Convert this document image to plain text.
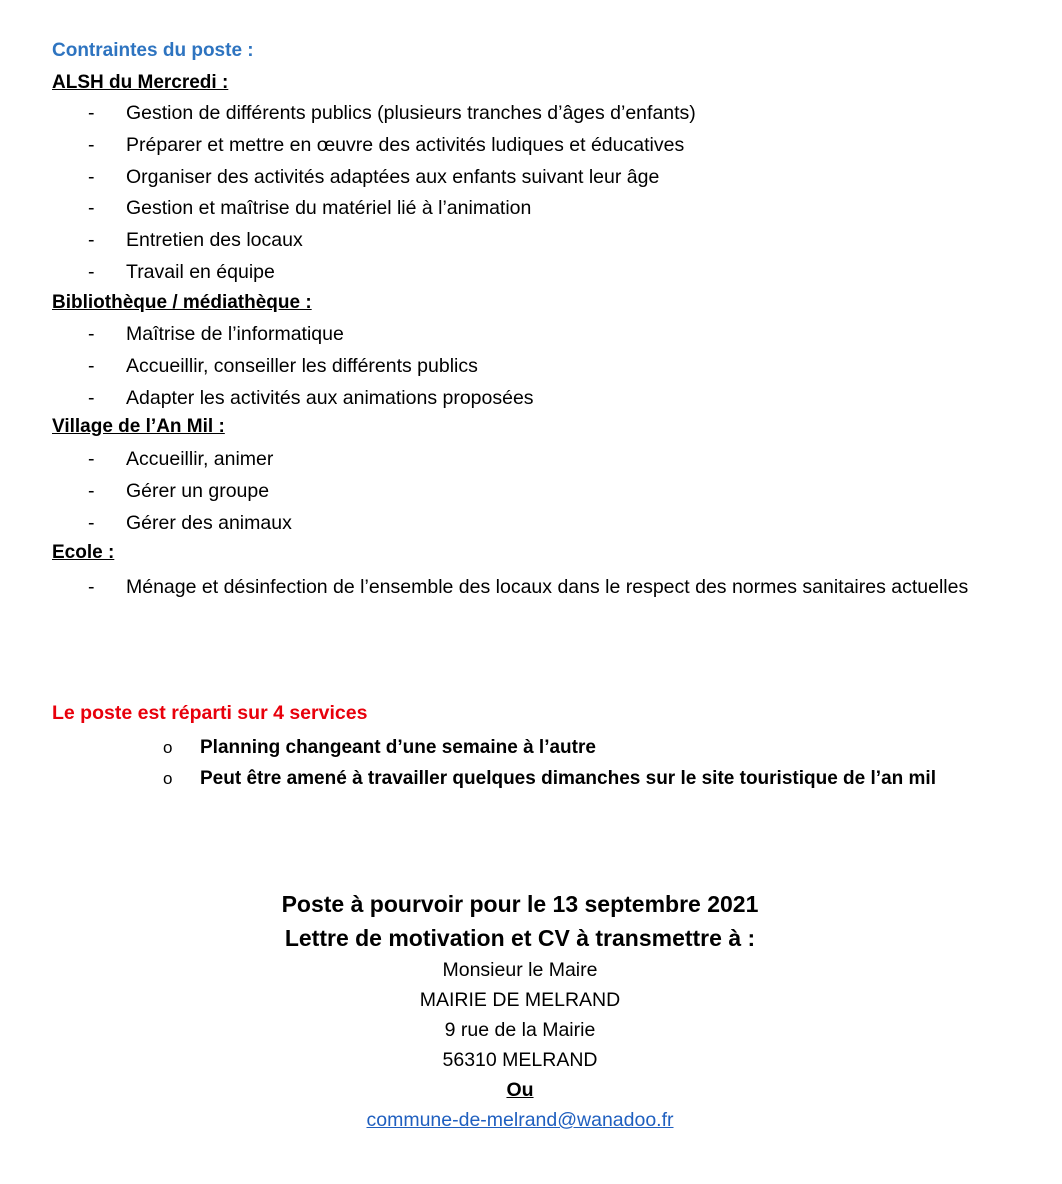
Contraintes du poste :
ALSH du Mercredi :
- Gestion de différents publics (plusieurs tranches d’âges d’enfants)
- Préparer et mettre en œuvre des activités ludiques et éducatives
- Organiser des activités adaptées aux enfants suivant leur âge
- Gestion et maîtrise du matériel lié à l’animation
- Entretien des locaux
- Travail en équipe
Bibliothèque / médiathèque :
- Maîtrise de l’informatique
- Accueillir, conseiller les différents publics
- Adapter les activités aux animations proposées
Village de l’An Mil :
- Accueillir, animer
- Gérer un groupe
- Gérer des animaux
Ecole :
- Ménage et désinfection de l’ensemble des locaux dans le respect des normes sanitaires actuelles
Le poste est réparti sur 4 services
o Planning changeant d’une semaine à l’autre
o Peut être amené à travailler quelques dimanches sur le site touristique de l’an mil
Poste à pourvoir pour le 13 septembre 2021
Lettre de motivation et CV à transmettre à :
Monsieur le Maire
MAIRIE DE MELRAND
9 rue de la Mairie
56310 MELRAND
Ou
commune-de-melrand@wanadoo.fr
